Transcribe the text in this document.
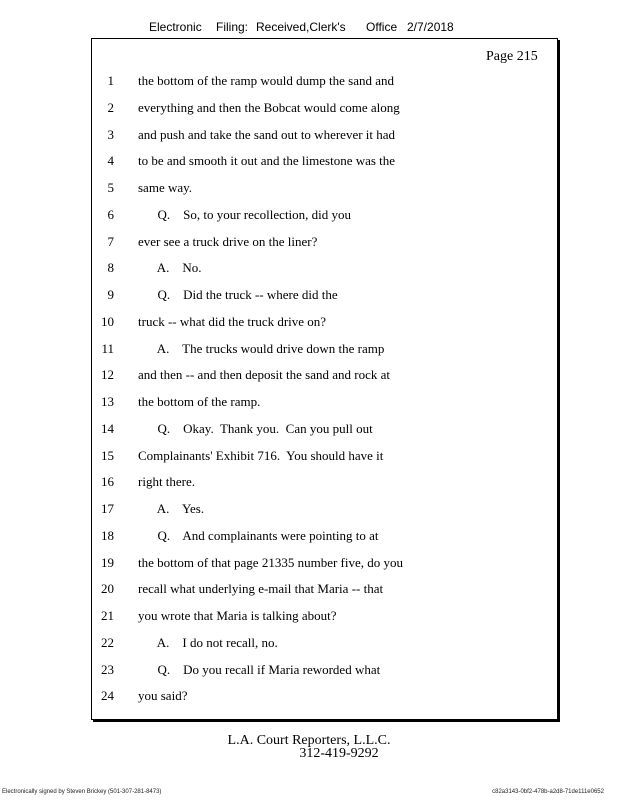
Electronic Filing: Received,Clerk's Office 2/7/2018
Page 215
1 the bottom of the ramp would dump the sand and
2 everything and then the Bobcat would come along
3 and push and take the sand out to wherever it had
4 to be and smooth it out and the limestone was the
5 same way.
6 Q.    So, to your recollection, did you
7 ever see a truck drive on the liner?
8 A.    No.
9 Q.    Did the truck -- where did the
10 truck -- what did the truck drive on?
11 A.    The trucks would drive down the ramp
12 and then -- and then deposit the sand and rock at
13 the bottom of the ramp.
14 Q.    Okay.  Thank you.  Can you pull out
15 Complainants' Exhibit 716.  You should have it
16 right there.
17 A.    Yes.
18 Q.    And complainants were pointing to at
19 the bottom of that page 21335 number five, do you
20 recall what underlying e-mail that Maria -- that
21 you wrote that Maria is talking about?
22 A.    I do not recall, no.
23 Q.    Do you recall if Maria reworded what
24 you said?
L.A. Court Reporters, L.L.C.
312-419-9292
Electronically signed by Steven Brickey (501-307-281-8473)	c82a3143-0bf2-478b-a2d8-71de111e0652
